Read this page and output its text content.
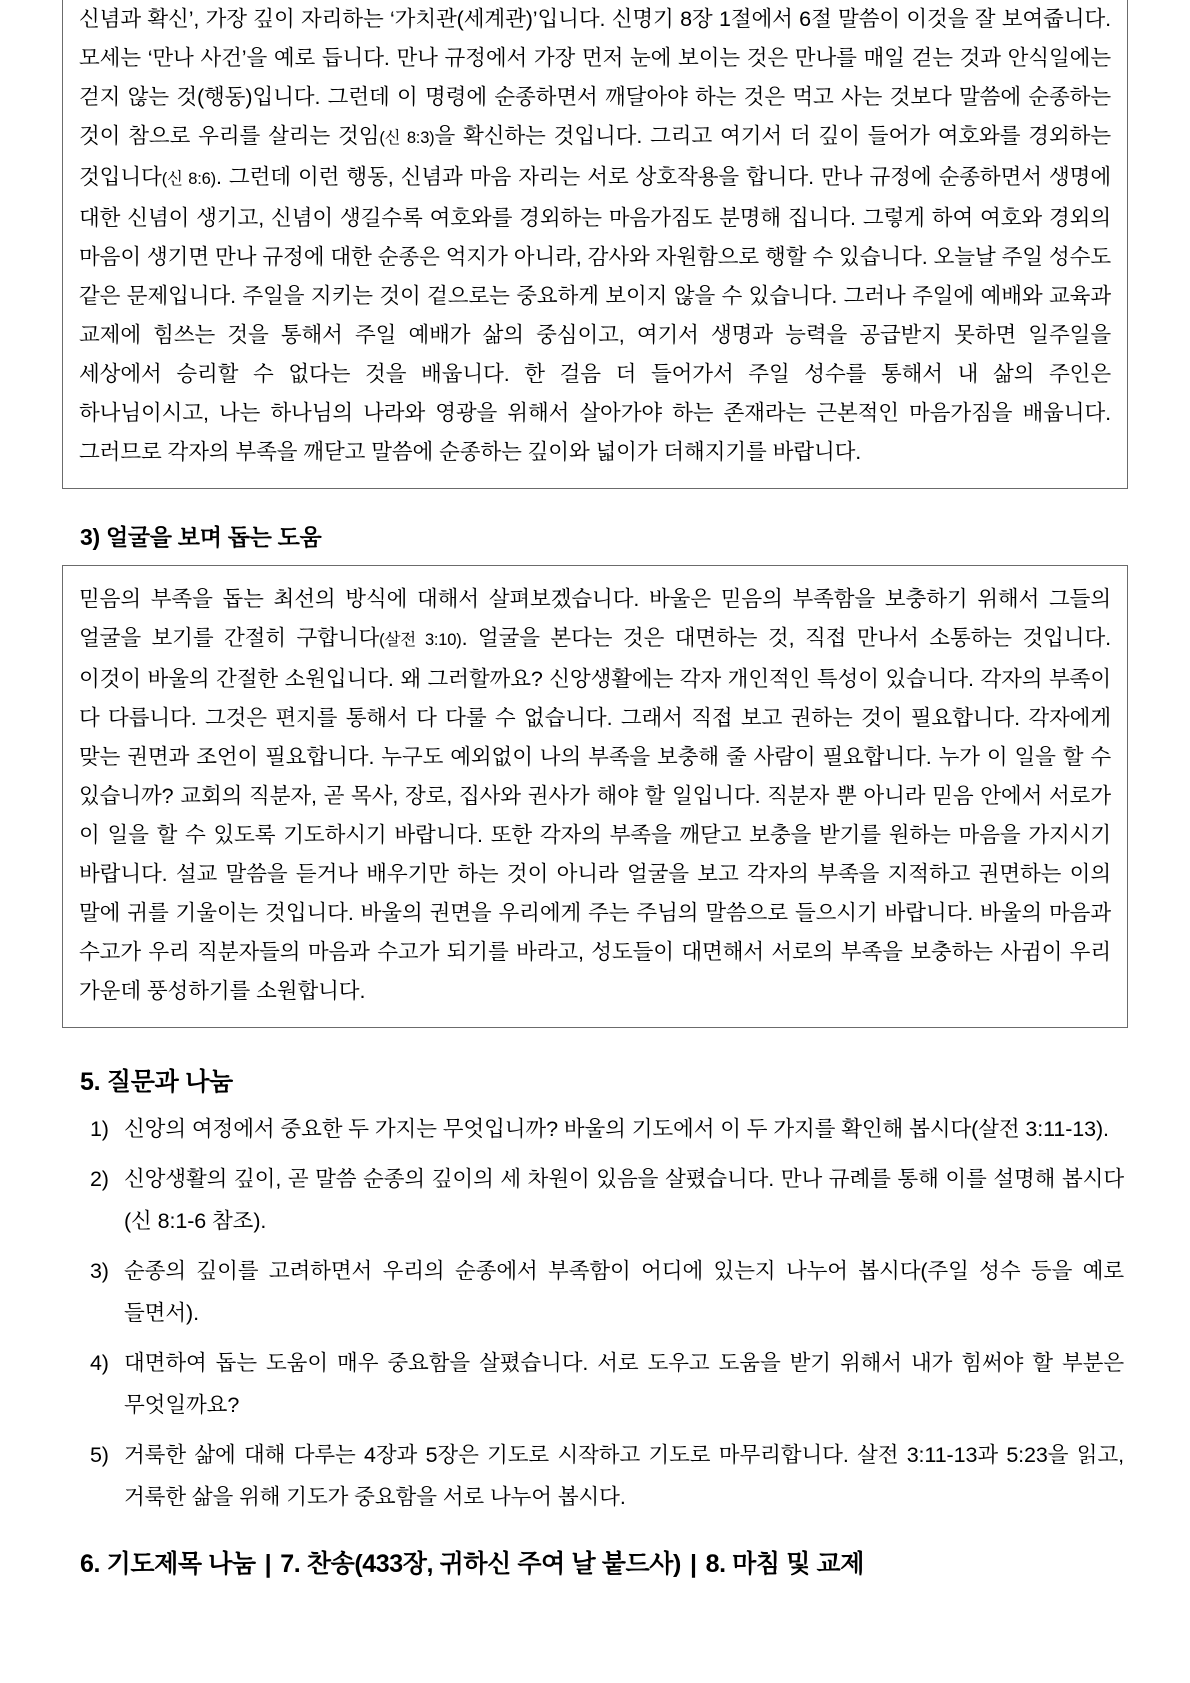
신념과 확신’, 가장 깊이 자리하는 ‘가치관(세계관)’입니다. 신명기 8장 1절에서 6절 말씀이 이것을 잘 보여줍니다. 모세는 ‘만나 사건’을 예로 듭니다. 만나 규정에서 가장 먼저 눈에 보이는 것은 만나를 매일 걷는 것과 안식일에는 걷지 않는 것(행동)입니다. 그런데 이 명령에 순종하면서 깨달아야 하는 것은 먹고 사는 것보다 말씀에 순종하는 것이 참으로 우리를 살리는 것임(신 8:3)을 확신하는 것입니다. 그리고 여기서 더 깊이 들어가 여호와를 경외하는 것입니다(신 8:6). 그런데 이런 행동, 신념과 마음 자리는 서로 상호작용을 합니다. 만나 규정에 순종하면서 생명에 대한 신념이 생기고, 신념이 생길수록 여호와를 경외하는 마음가짐도 분명해 집니다. 그렇게 하여 여호와 경외의 마음이 생기면 만나 규정에 대한 순종은 억지가 아니라, 감사와 자원함으로 행할 수 있습니다. 오늘날 주일 성수도 같은 문제입니다. 주일을 지키는 것이 겉으로는 중요하게 보이지 않을 수 있습니다. 그러나 주일에 예배와 교육과 교제에 힘쓰는 것을 통해서 주일 예배가 삶의 중심이고, 여기서 생명과 능력을 공급받지 못하면 일주일을 세상에서 승리할 수 없다는 것을 배웁니다. 한 걸음 더 들어가서 주일 성수를 통해서 내 삶의 주인은 하나님이시고, 나는 하나님의 나라와 영광을 위해서 살아가야 하는 존재라는 근본적인 마음가짐을 배웁니다. 그러므로 각자의 부족을 깨닫고 말씀에 순종하는 깊이와 넓이가 더해지기를 바랍니다.

3) 얼굴을 보며 돕는 도움

믿음의 부족을 돕는 최선의 방식에 대해서 살펴보겠습니다. 바울은 믿음의 부족함을 보충하기 위해서 그들의 얼굴을 보기를 간절히 구합니다(살전 3:10). 얼굴을 본다는 것은 대면하는 것, 직접 만나서 소통하는 것입니다. 이것이 바울의 간절한 소원입니다. 왜 그러할까요? 신앙생활에는 각자 개인적인 특성이 있습니다. 각자의 부족이 다 다릅니다. 그것은 편지를 통해서 다 다룰 수 없습니다. 그래서 직접 보고 권하는 것이 필요합니다. 각자에게 맞는 권면과 조언이 필요합니다. 누구도 예외없이 나의 부족을 보충해 줄 사람이 필요합니다. 누가 이 일을 할 수 있습니까? 교회의 직분자, 곧 목사, 장로, 집사와 권사가 해야 할 일입니다. 직분자 뿐 아니라 믿음 안에서 서로가 이 일을 할 수 있도록 기도하시기 바랍니다. 또한 각자의 부족을 깨닫고 보충을 받기를 원하는 마음을 가지시기 바랍니다. 설교 말씀을 듣거나 배우기만 하는 것이 아니라 얼굴을 보고 각자의 부족을 지적하고 권면하는 이의 말에 귀를 기울이는 것입니다. 바울의 권면을 우리에게 주는 주님의 말씀으로 들으시기 바랍니다. 바울의 마음과 수고가 우리 직분자들의 마음과 수고가 되기를 바라고, 성도들이 대면해서 서로의 부족을 보충하는 사귐이 우리 가운데 풍성하기를 소원합니다.

5. 질문과 나눔
1) 신앙의 여정에서 중요한 두 가지는 무엇입니까? 바울의 기도에서 이 두 가지를 확인해 봅시다(살전 3:11-13).
2) 신앙생활의 깊이, 곧 말씀 순종의 깊이의 세 차원이 있음을 살폈습니다. 만나 규례를 통해 이를 설명해 봅시다(신 8:1-6 참조).
3) 순종의 깊이를 고려하면서 우리의 순종에서 부족함이 어디에 있는지 나누어 봅시다(주일 성수 등을 예로 들면서).
4) 대면하여 돕는 도움이 매우 중요함을 살폈습니다. 서로 도우고 도움을 받기 위해서 내가 힘써야 할 부분은 무엇일까요?
5) 거룩한 삶에 대해 다루는 4장과 5장은 기도로 시작하고 기도로 마무리합니다. 살전 3:11-13과 5:23을 읽고, 거룩한 삶을 위해 기도가 중요함을 서로 나누어 봅시다.
6. 기도제목 나눔 | 7. 찬송(433장, 귀하신 주여 날 붙드사) | 8. 마침 및 교제
